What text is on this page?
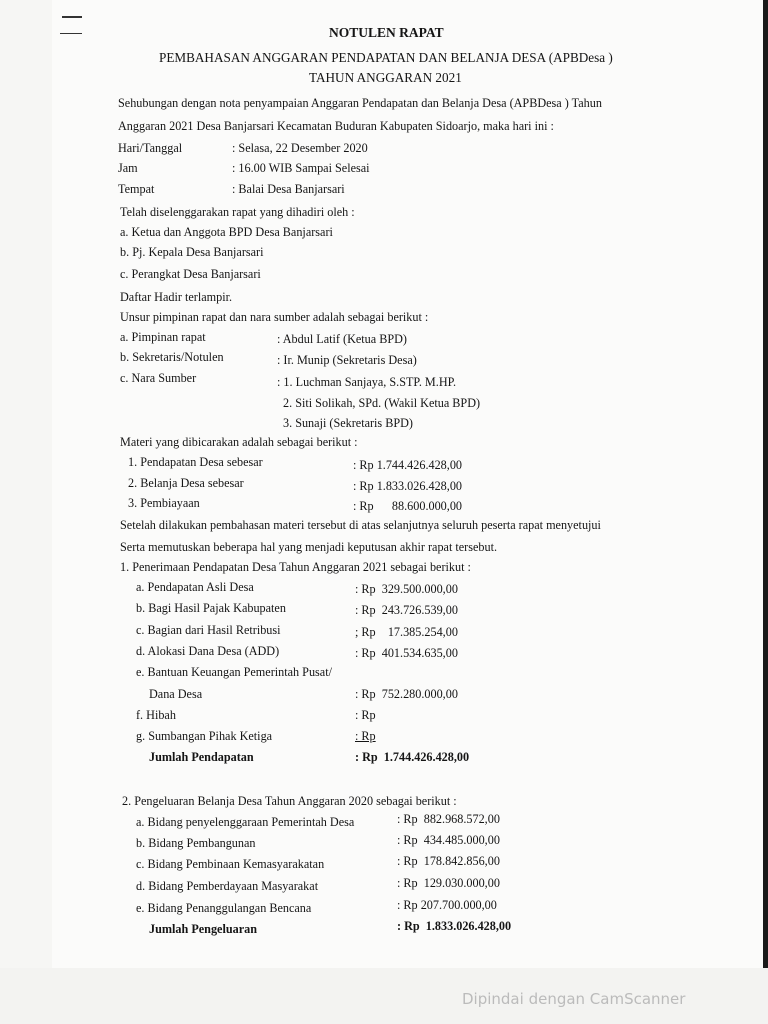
NOTULEN RAPAT
PEMBAHASAN ANGGARAN PENDAPATAN DAN BELANJA DESA (APBDesa )
TAHUN ANGGARAN 2021
Sehubungan dengan nota penyampaian Anggaran Pendapatan dan Belanja Desa (APBDesa ) Tahun
Anggaran 2021 Desa Banjarsari Kecamatan Buduran Kabupaten Sidoarjo, maka hari ini :
Hari/Tanggal	: Selasa, 22 Desember 2020
Jam	: 16.00 WIB Sampai Selesai
Tempat	: Balai Desa Banjarsari
Telah diselenggarakan rapat yang dihadiri oleh :
a. Ketua dan Anggota BPD Desa Banjarsari
b. Pj. Kepala Desa Banjarsari
c. Perangkat Desa Banjarsari
Daftar Hadir terlampir.
Unsur pimpinan rapat dan nara sumber adalah sebagai berikut :
a. Pimpinan rapat	: Abdul Latif (Ketua BPD)
b. Sekretaris/Notulen	: Ir. Munip (Sekretaris Desa)
c. Nara Sumber	: 1. Luchman Sanjaya, S.STP. M.HP.
2. Siti Solikah, SPd. (Wakil Ketua BPD)
3. Sunaji (Sekretaris BPD)
Materi yang dibicarakan adalah sebagai berikut :
1. Pendapatan Desa sebesar	: Rp 1.744.426.428,00
2. Belanja Desa sebesar	: Rp 1.833.026.428,00
3. Pembiayaan	: Rp      88.600.000,00
Setelah dilakukan pembahasan materi tersebut di atas selanjutnya seluruh peserta rapat menyetujui
Serta memutuskan beberapa hal yang menjadi keputusan akhir rapat tersebut.
1. Penerimaan Pendapatan Desa Tahun Anggaran 2021 sebagai berikut :
a. Pendapatan Asli Desa	: Rp  329.500.000,00
b. Bagi Hasil Pajak Kabupaten	: Rp  243.726.539,00
c. Bagian dari Hasil Retribusi	; Rp    17.385.254,00
d. Alokasi Dana Desa (ADD)	: Rp  401.534.635,00
e. Bantuan Keuangan Pemerintah Pusat/
Dana Desa	: Rp  752.280.000,00
f. Hibah	: Rp
g. Sumbangan Pihak Ketiga	: Rp
Jumlah Pendapatan	: Rp  1.744.426.428,00
2. Pengeluaran Belanja Desa Tahun Anggaran 2020 sebagai berikut :
a. Bidang penyelenggaraan Pemerintah Desa	: Rp  882.968.572,00
b. Bidang Pembangunan	: Rp  434.485.000,00
c. Bidang Pembinaan Kemasyarakatan	: Rp  178.842.856,00
d. Bidang Pemberdayaan Masyarakat	: Rp  129.030.000,00
e. Bidang Penanggulangan Bencana	: Rp 207.700.000,00
Jumlah Pengeluaran	: Rp  1.833.026.428,00
Dipindai dengan CamScanner
